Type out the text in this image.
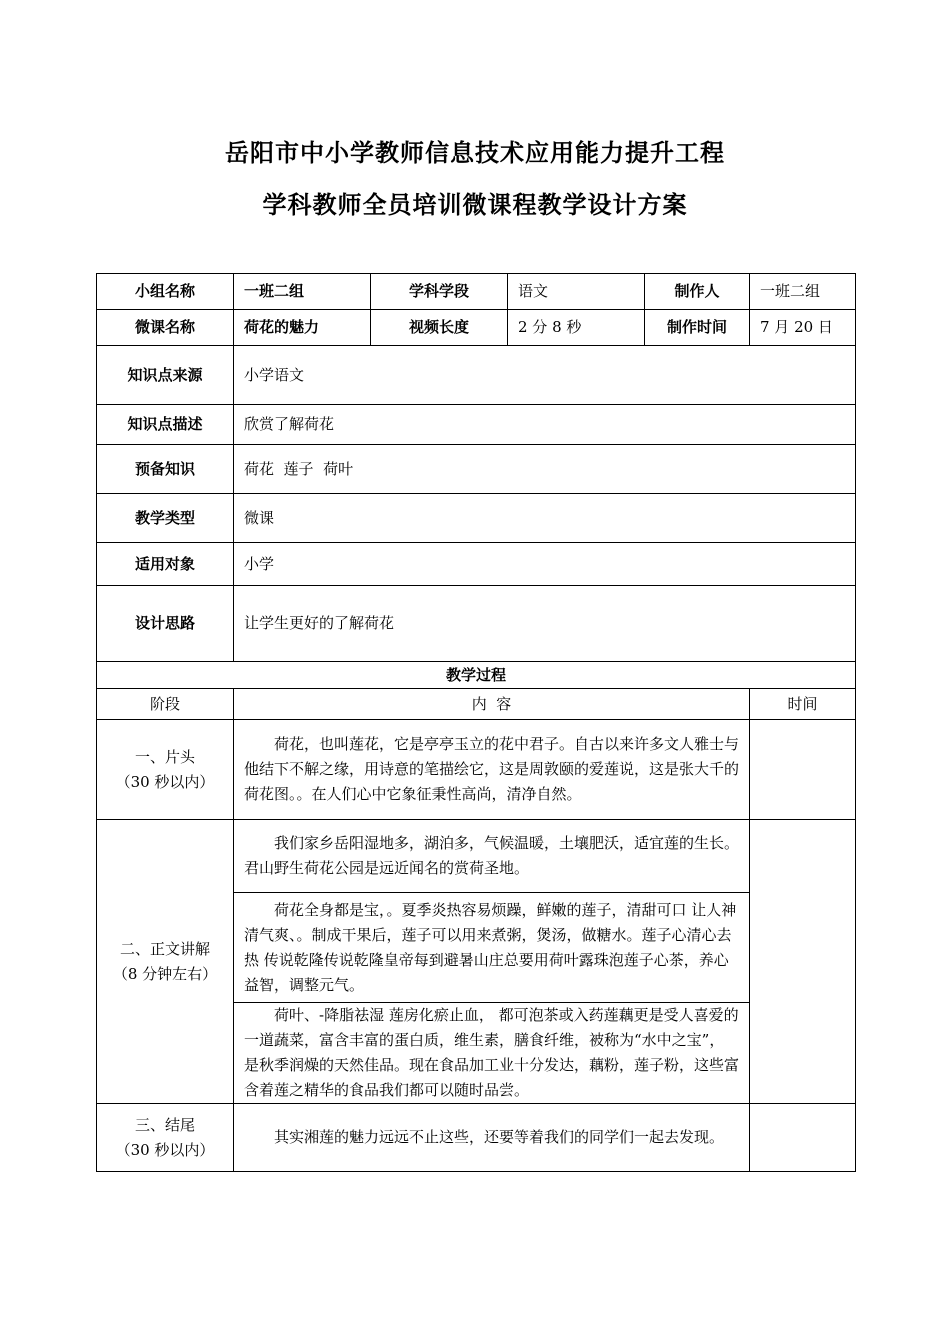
岳阳市中小学教师信息技术应用能力提升工程
学科教师全员培训微课程教学设计方案
小组名称	一班二组	学科学段	语文	制作人	一班二组
微课名称	荷花的魅力	视频长度	2 分 8 秒	制作时间	7 月 20 日
知识点来源	小学语文				
知识点描述	欣赏了解荷花				
预备知识	荷花  莲子  荷叶				
教学类型	微课				
适用对象	小学				
设计思路	让学生更好的了解荷花				
教学过程					
阶段	内  容				时间

一、片头
（30 秒以内）	荷花，也叫莲花，它是亭亭玉立的花中君子。自古以来许多文人雅士与他结下不解之缘，用诗意的笔描绘它，这是周敦颐的爱莲说，这是张大千的荷花图。。在人们心中它象征秉性高尚，清净自然。				

二、正文讲解
（8 分钟左右）	我们家乡岳阳湿地多，湖泊多，气候温暖，土壤肥沃，适宜莲的生长。君山野生荷花公园是远近闻名的赏荷圣地。				
	荷花全身都是宝，。夏季炎热容易烦躁，鲜嫩的莲子，清甜可口 让人神清气爽、。制成干果后，莲子可以用来煮粥，煲汤，做糖水。莲子心清心去热 传说乾隆传说乾隆皇帝每到避暑山庄总要用荷叶露珠泡莲子心茶，养心益智，调整元气。				
	荷叶、-降脂祛湿 莲房化瘀止血， 都可泡茶或入药莲藕更是受人喜爱的一道蔬菜，富含丰富的蛋白质，维生素，膳食纤维，被称为“水中之宝”，是秋季润燥的天然佳品。现在食品加工业十分发达，藕粉，莲子粉，这些富含着莲之精华的食品我们都可以随时品尝。				

三、结尾
（30 秒以内）	其实湘莲的魅力远远不止这些，还要等着我们的同学们一起去发现。				
